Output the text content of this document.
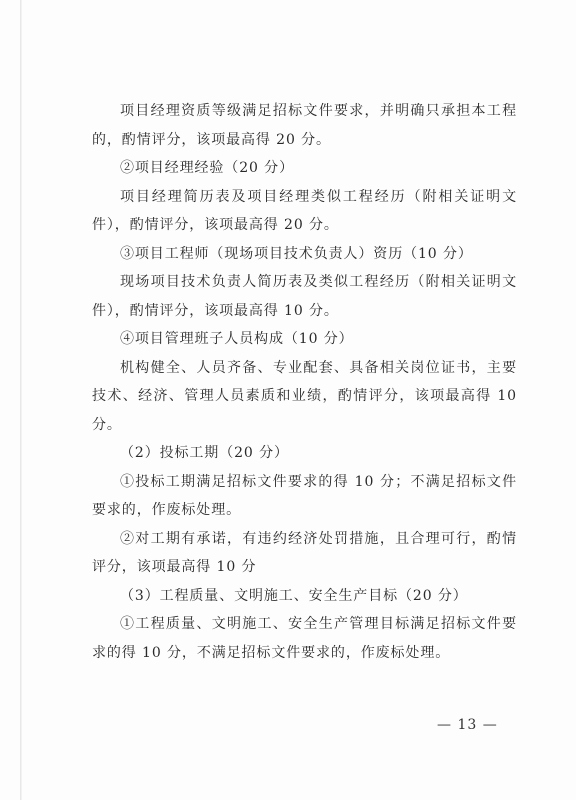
项目经理资质等级满足招标文件要求，并明确只承担本工程
的，酌情评分，该项最高得 20 分。
②项目经理经验（20 分）
项目经理简历表及项目经理类似工程经历（附相关证明文
件），酌情评分，该项最高得 20 分。
③项目工程师（现场项目技术负责人）资历（10 分）
现场项目技术负责人简历表及类似工程经历（附相关证明文
件），酌情评分，该项最高得 10 分。
④项目管理班子人员构成（10 分）
机构健全、人员齐备、专业配套、具备相关岗位证书，主要
技术、经济、管理人员素质和业绩，酌情评分，该项最高得 10
分。
（2）投标工期（20 分）
①投标工期满足招标文件要求的得 10 分；不满足招标文件
要求的，作废标处理。
②对工期有承诺，有违约经济处罚措施，且合理可行，酌情
评分，该项最高得 10 分
（3）工程质量、文明施工、安全生产目标（20 分）
①工程质量、文明施工、安全生产管理目标满足招标文件要
求的得 10 分，不满足招标文件要求的，作废标处理。
— 13 —
